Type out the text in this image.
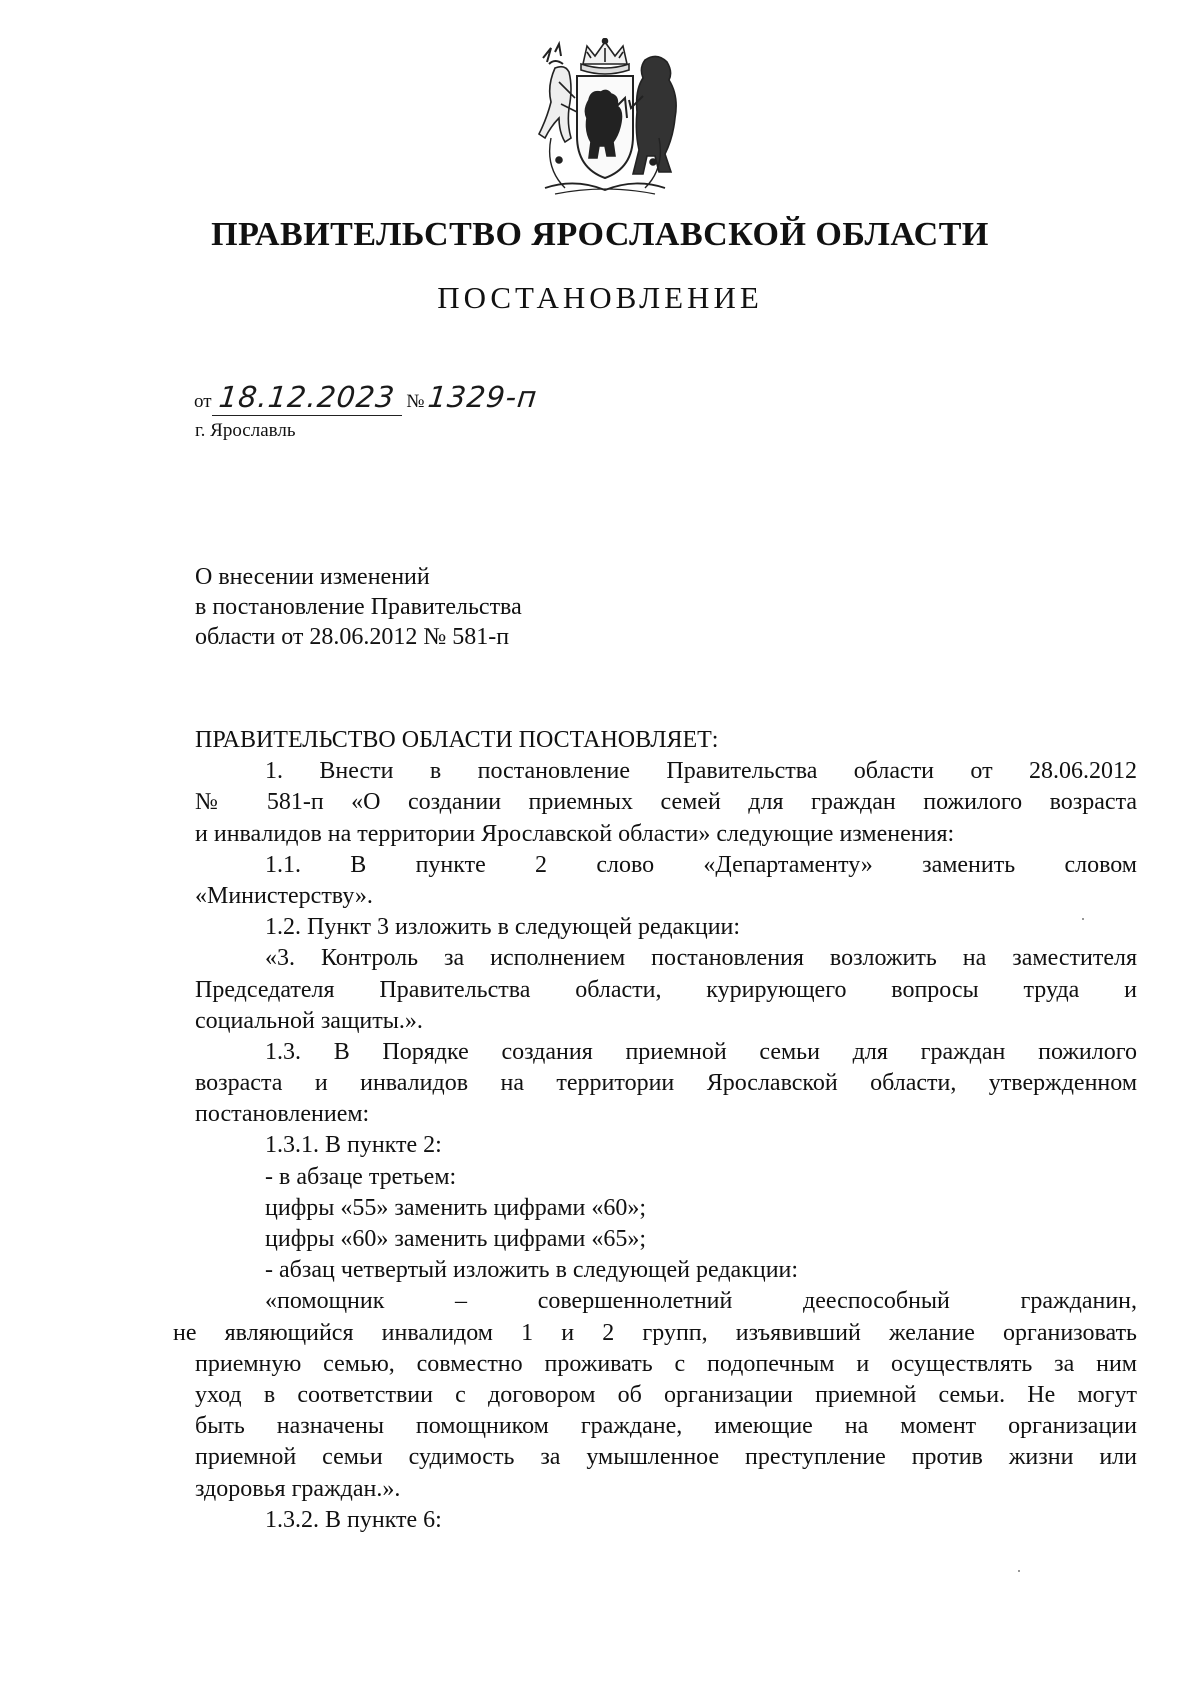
ПРАВИТЕЛЬСТВО ЯРОСЛАВСКОЙ ОБЛАСТИ
ПОСТАНОВЛЕНИЕ
от 18.12.2023 №1329-п
г. Ярославль
О внесении изменений
в постановление Правительства
области от 28.06.2012 № 581-п
ПРАВИТЕЛЬСТВО ОБЛАСТИ ПОСТАНОВЛЯЕТ:
1. Внести в постановление Правительства области от 28.06.2012
№ 581-п «О создании приемных семей для граждан пожилого возраста
и инвалидов на территории Ярославской области» следующие изменения:
1.1. В пункте 2 слово «Департаменту» заменить словом
«Министерству».
1.2. Пункт 3 изложить в следующей редакции:
«3. Контроль за исполнением постановления возложить на заместителя
Председателя Правительства области, курирующего вопросы труда и
социальной защиты.».
1.3. В Порядке создания приемной семьи для граждан пожилого
возраста и инвалидов на территории Ярославской области, утвержденном
постановлением:
1.3.1. В пункте 2:
- в абзаце третьем:
цифры «55» заменить цифрами «60»;
цифры «60» заменить цифрами «65»;
- абзац четвертый изложить в следующей редакции:
«помощник – совершеннолетний дееспособный гражданин,
не являющийся инвалидом 1 и 2 групп, изъявивший желание организовать
приемную семью, совместно проживать с подопечным и осуществлять за ним
уход в соответствии с договором об организации приемной семьи. Не могут
быть назначены помощником граждане, имеющие на момент организации
приемной семьи судимость за умышленное преступление против жизни или
здоровья граждан.».
1.3.2. В пункте 6:
